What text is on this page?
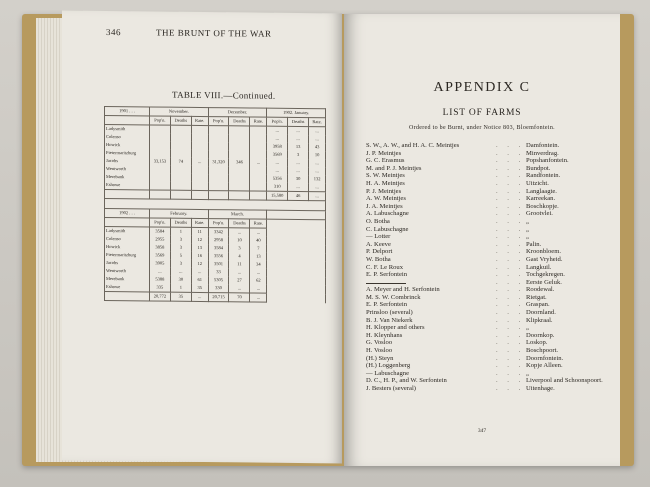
346	THE BRUNT OF THE WAR
TABLE VIII.—Continued.
1901 . . .	November.			December.			1902. January.		
	Pop'n.	Deaths	Rate.	Pop'n.	Deaths	Rate.	Pop'n.	Deaths	Rate.
Ladysmith							...	...	...
Colenso							...	...	...
Howick							3958	13	43
Pietermaritzburg							3569	3	10
Jacobs	33,153	74	...	31,320	346	...	...	...	...
Wentworth							...	...	...
Merebank							5356	30	132
Eshowe							310	...	...
							15,580	46	...

1902 . . .	February.			March.					
	Pop'n.	Deaths	Rate.	Pop'n.	Deaths	Rate.			
Ladysmith	3584	1	11	3342	...	...			
Colenso	2955	3	12	2958	10	40			
Howick	3858	3	13	3584	3	7			
Pietermaritzburg	3569	5	16	3556	4	13			
Jacobs	3905	3	12	3501	11	34			
Wentworth	...	...	...	33	...	...			
Merebank	5388	30	61	5305	27	62			
Eshowe	335	1	35	330	...	...			
	20,772	35	...	20,715	70	...			
APPENDIX C
LIST OF FARMS
Ordered to be Burnt, under Notice 803, Bloemfontein.
S. W., A. W., and H. A. C. Meintjes	. . . Damfontein.
J. P. Meintjes	. . . Minverdrag.
G. C. Erasmus	. . . Popshanfontein.
M. and P. J. Meintjes	. . . Bundpot.
S. W. Meintjes	. . . Randfontein.
H. A. Meintjes	. . . Uitzicht.
P. J. Meintjes	. . . Langlaagte.
A. W. Meintjes	. . . Karreekan.
J. A. Meintjes	. . . Boschkopje.
A. Labuschagne	. . . Grootvlei.
O. Botha	. . . „
C. Labuschagne	. . . „
— Lotter	. . . „
A. Keeve	. . . Palin.
P. Delport	. . . Kroonbloem.
W. Botha	. . . Gast Vryheid.
C. F. Le Roux	. . . Langkuil.
E. P. Serfontein	. . . Tochgekregen.
. . . Eerste Geluk.
A. Meyer and H. Serfontein	. . . Roodewal.
M. S. W. Combrinck	. . . Rietgat.
E. P. Serfontein	. . . Graspan.
Prinsloo (several)	. . . Doornland.
B. J. Van Niekerk	. . . Klipkraal.
H. Klopper and others	. . . „
H. Kleynhans	. . . Doornkop.
G. Vosloo	. . . Loskop.
H. Vosloo	. . . Boschpoort.
(H.) Steyn	. . . Doornfontein.
(H.) Loggenberg	. . . Kopje Alleen.
— Labuschagne	. . . „
D. C., H. P., and W. Serfontein	. . . Liverpool and Schoonspoort.
J. Besters (several)	. . . Uitenhage.
347
